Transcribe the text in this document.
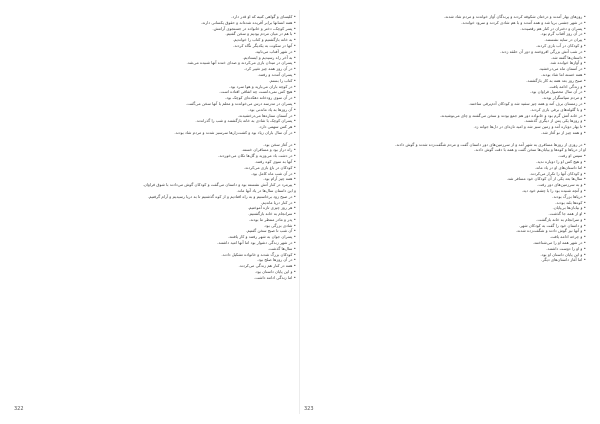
• ﮐﻠﯿﺴﺎﯼ ﻭ ﮔﻮﺍﻫﯽ ﮐﻨﯿﻤ ﮐﻪ ﺍﻭ ﻗﺪﺭ ﺩﺍﺭﺩ.
• ﻫﻤﻪ ﺍﻧﺴﺎﻧﻬﺎ ﺑﺮﺍﺑﺮ ﺁﻓﺮﯾﺪﻩ ﺷﺪﻩ‌ﺍﻧﺪ ﻭ ﺣﻘﻮﻕ ﯾﮑﺴﺎﻧﯽ ﺩﺍﺭﻧﺪ.
• ﭘﺴﺮ ﮐﻮﭼﮏ، ﺩﺧﺘﺮ ﻭ ﺧﺎﻧﻮﺍﺩﻩ ﺩﺭ ﺟﺴﺘﺠﻮﯼ ﺁﺭﺍﻣﺶ.
• ﺑﺎ ﻫﻢ ﺩﺭ ﻣﯿﺎﻥ ﻣﺮﺩﻡ ﺑﻮﺩﯾﻢ ﻭ ﺳﺨﻦ ﮔﻔﺘﯿﻢ.
• ﺑﻪ ﺧﺎﻧﻪ ﺑﺎﺯﮔﺸﺘﯿﻢ ﻭ ﮐﺘﺎﺏ ﺭﺍ ﺧﻮﺍﻧﺪﯾﻢ.
• ﺁﻧﻬﺎ ﺩﺭ ﺳﮑﻮﺕ ﺑﻪ ﯾﮑﺪﯾﮕﺮ ﻧﮕﺎﻩ ﮐﺮﺩﻧﺪ.
• ﺩﺭ ﺷﻬﺮ ﺁﻓﺘﺎﺏ ﻣﯽ‌ﺗﺎﺑﯿﺪ.
• ﺑﻪ ﺁﺧﺮ ﺭﺍﻩ ﺭﺳﯿﺪﯾﻢ ﻭ ﺍﯾﺴﺘﺎﺩﯾﻢ.
• ﭘﺴﺮﺍﻥ ﺩﺭ ﻣﯿﺪﺍﻥ ﺑﺎﺯﯼ ﻣﯽ‌ﮐﺮﺩﻧﺪ ﻭ ﺻﺪﺍﯼ ﺧﻨﺪﻩ ﺁﻧﻬﺎ ﺷﻨﯿﺪﻩ ﻣﯽ‌ﺷﺪ.
• ﺩﺭ ﺁﻥ ﺭﻭﺯ ﻫﻤﻪ ﭼﯿﺰ ﺗﻐﯿﯿﺮ ﮐﺮﺩ.
• ﭘﺴﺮﺍﻥ ﺁﻣﺪﻧﺪ ﻭ ﺭﻓﺘﻨﺪ.
• ﮐﺘﺎﺏ ﺭﺍ ﺑﺴﺘﻢ.
• ﺩﺭ ﮐﻮﭼﻪ ﺑﺎﺭﺍﻥ ﻣﯽ‌ﺑﺎﺭﯾﺪ ﻭ ﻫﻮﺍ ﺳﺮﺩ ﺑﻮﺩ.
• ﻫﯿﭻ ﮐﺲ ﻧﻤﯽ‌ﺩﺍﻧﺴﺖ ﭼﻪ ﺍﺗﻔﺎﻗﯽ ﺍﻓﺘﺎﺩﻩ ﺍﺳﺖ.
• ﺩﺭ ﺁﻥ ﺳﻮﯼ ﺭﻭﺩﺧﺎﻧﻪ ﺩﻫﮑﺪﻩ‌ﺍﯼ ﮐﻮﭼﮏ ﺑﻮﺩ.
• ﭘﺴﺮﺍﻥ ﺩﺭ ﻣﺪﺭﺳﻪ ﺩﺭﺱ ﻣﯽ‌ﺧﻮﺍﻧﺪﻧﺪ ﻭ ﻣﻌﻠﻢ ﺑﺎ ﺁﻧﻬﺎ ﺳﺨﻦ ﻣﯽ‌ﮔﻔﺖ.
• ﺁﻥ ﺭﻭﺯﻫﺎ ﺑﻪ ﯾﺎﺩ ﻣﺎﻧﺪﻧﯽ ﺑﻮﺩ.
• ﺩﺭ ﺁﺳﻤﺎﻥ ﺳﺘﺎﺭﻩ‌ﻫﺎ ﻣﯽ‌ﺩﺭﺧﺸﯿﺪﻧﺪ.
• ﭘﺴﺮﺍﻥ ﮐﻮﭼﮏ ﺑﺎ ﺷﺎﺩﯼ ﺑﻪ ﺧﺎﻧﻪ ﺑﺎﺯﮔﺸﺘﻨﺪ ﻭ ﺷﺐ ﺭﺍ ﮔﺬﺭﺍﻧﺪﻧﺪ.
• ﻫﺮ ﮐﺲ ﺳﻬﻤﯽ ﺩﺍﺭﺩ.
• ﺩﺭ ﺁﻥ ﺳﺎﻝ ﺑﺎﺭﺍﻥ ﺯﯾﺎﺩ ﺑﻮﺩ ﻭ ﮐﺸﺖ‌ﺯﺍﺭﻫﺎ ﺳﺮﺳﺒﺰ ﺷﺪﻧﺪ ﻭ ﻣﺮﺩﻡ ﺷﺎﺩ ﺑﻮﺩﻧﺪ.
• ﺩﺭ ﺁﻏﺎﺯ ﺳﺨﻦ ﺑﻮﺩ.
• ﺭﺍﻩ ﺩﺭﺍﺯ ﺑﻮﺩ ﻭ ﻣﺴﺎﻓﺮﺍﻥ ﺧﺴﺘﻪ.
• ﺩﺭ ﺩﺷﺖ ﺑﺎﺩ ﻣﯽ‌ﻭﺯﯾﺪ ﻭ ﮔﻞ‌ﻫﺎ ﺗﮑﺎﻥ ﻣﯽ‌ﺧﻮﺭﺩﻧﺪ.
• ﺁﻧﻬﺎ ﺑﻪ ﺳﻮﯼ ﮐﻮﻩ ﺭﻓﺘﻨﺪ.
• ﮐﻮﺩﮐﺎﻥ ﺩﺭ ﺑﺎﻍ ﺑﺎﺯﯼ ﻣﯽ‌ﮐﺮﺩﻧﺪ.
• ﺩﺭ ﺁﻥ ﺷﺐ ﻣﺎﻩ ﮐﺎﻣﻞ ﺑﻮﺩ.
• ﻫﻤﻪ ﭼﯿﺰ ﺁﺭﺍﻡ ﺑﻮﺩ.
• ﭘﯿﺮﻣﺮﺩ ﺩﺭ ﮐﻨﺎﺭ ﺁﺗﺶ ﻧﺸﺴﺘﻪ ﺑﻮﺩ ﻭ ﺩﺍﺳﺘﺎﻥ ﻣﯽ‌ﮔﻔﺖ ﻭ ﮐﻮﺩﮐﺎﻥ ﮔﻮﺵ ﻣﯽ‌ﺩﺍﺩﻧﺪ ﺑﺎ ﺷﻮﻕ ﻓﺮﺍﻭﺍﻥ.
ﻭ ﺍﯾﻦ ﺩﺍﺳﺘﺎﻥ ﺳﺎﻝ‌ﻫﺎ ﺩﺭ ﯾﺎﺩ ﺁﻧﻬﺎ ﻣﺎﻧﺪ.
• ﺩﺭ ﺻﺒﺢ ﺯﻭﺩ ﺑﺮﺧﺎﺳﺘﯿﻢ ﻭ ﺑﻪ ﺭﺍﻩ ﺍﻓﺘﺎﺩﯾﻢ ﻭ ﺍﺯ ﮐﻮﻩ ﮔﺬﺷﺘﯿﻢ ﺗﺎ ﺑﻪ ﺩﺭﯾﺎ ﺭﺳﯿﺪﯾﻢ ﻭ ﺁﺭﺍﻡ ﮔﺮﻓﺘﯿﻢ.
• ﺩﺭ ﮐﻨﺎﺭ ﺩﺭﯾﺎ ﻣﺎﻧﺪﯾﻢ.
• ﻫﺮ ﺭﻭﺯ ﭼﯿﺰﯼ ﺗﺎﺯﻩ ﺁﻣﻮﺧﺘﯿﻢ.
• ﺳﺮﺍﻧﺠﺎﻡ ﺑﻪ ﺧﺎﻧﻪ ﺑﺎﺯﮔﺸﺘﯿﻢ.
• ﭘﺪﺭ ﻭ ﻣﺎﺩﺭ ﻣﻨﺘﻈﺮ ﻣﺎ ﺑﻮﺩﻧﺪ.
• ﺷﺎﺩﯼ ﺑﺰﺭﮔﯽ ﺑﻮﺩ.
• ﺁﻥ ﺷﺐ ﺗﺎ ﺻﺒﺢ ﺳﺨﻦ ﮔﻔﺘﯿﻢ.
• ﭘﺴﺮﺍﻥ ﺟﻮﺍﻥ ﺑﻪ ﺷﻬﺮ ﺭﻓﺘﻨﺪ ﻭ ﮐﺎﺭ ﯾﺎﻓﺘﻨﺪ.
• ﺩﺭ ﺷﻬﺮ ﺯﻧﺪﮔﯽ ﺩﺷﻮﺍﺭ ﺑﻮﺩ ﺍﻣﺎ ﺁﻧﻬﺎ ﺍﻣﯿﺪ ﺩﺍﺷﺘﻨﺪ.
• ﺳﺎﻝ‌ﻫﺎ ﮔﺬﺷﺖ.
• ﮐﻮﺩﮐﺎﻥ ﺑﺰﺭﮒ ﺷﺪﻧﺪ ﻭ ﺧﺎﻧﻮﺍﺩﻩ ﺗﺸﮑﯿﻞ ﺩﺍﺩﻧﺪ.
• ﺩﺭ ﺁﻥ ﺭﻭﺯﻫﺎ ﺻﻠﺢ ﺑﻮﺩ.
• ﻫﻤﻪ ﺩﺭ ﮐﻨﺎﺭ ﻫﻢ ﺯﻧﺪﮔﯽ ﻣﯽ‌ﮐﺮﺩﻧﺪ.
• ﻭ ﺍﯾﻦ ﭘﺎﯾﺎﻥ ﺩﺍﺳﺘﺎﻥ ﺑﻮﺩ.
• ﺍﻣﺎ ﺯﻧﺪﮔﯽ ﺍﺩﺍﻣﻪ ﺩﺍﺷﺖ.
322
• ﺭﻭﺯﻫﺎﯼ ﺑﻬﺎﺭ ﺁﻣﺪﻧﺪ ﻭ ﺩﺭﺧﺘﺎﻥ ﺷﮑﻮﻓﻪ ﮐﺮﺩﻧﺪ ﻭ ﭘﺮﻧﺪﮔﺎﻥ ﺁﻭﺍﺯ ﺧﻮﺍﻧﺪﻧﺪ ﻭ ﻣﺮﺩﻡ ﺷﺎﺩ ﺷﺪﻧﺪ.
• ﺩﺭ ﺷﻬﺮ ﺟﺸﻨﯽ ﺑﺮﭘﺎ ﺷﺪ ﻭ ﻫﻤﻪ ﺁﻣﺪﻧﺪ ﻭ ﺑﺎ ﻫﻢ ﺷﺎﺩﯼ ﮐﺮﺩﻧﺪ ﻭ ﺳﺮﻭﺩ ﺧﻮﺍﻧﺪﻧﺪ.
• ﭘﺴﺮﺍﻥ ﻭ ﺩﺧﺘﺮﺍﻥ ﺩﺭ ﮐﻨﺎﺭ ﻫﻢ ﺭﻗﺼﯿﺪﻧﺪ.
• ﺩﺭ ﺁﻥ ﺭﻭﺯ ﺁﻓﺘﺎﺏ ﮔﺮﻡ ﺑﻮﺩ.
• ﭘﯿﺮﺍﻥ ﺩﺭ ﺳﺎﯾﻪ ﻧﺸﺴﺘﻨﺪ.
• ﻭ ﮐﻮﺩﮐﺎﻥ ﺩﺭ ﺁﺏ ﺑﺎﺯﯼ ﮐﺮﺩﻧﺪ.
• ﺩﺭ ﺷﺐ ﺁﺗﺶ ﺑﺰﺭﮔﯽ ﺍﻓﺮﻭﺧﺘﻨﺪ ﻭ ﺩﻭﺭ ﺁﻥ ﺣﻠﻘﻪ ﺯﺩﻧﺪ.
• ﺩﺍﺳﺘﺎﻥ‌ﻫﺎ ﮔﻔﺘﻪ ﺷﺪ.
• ﻭ ﺁﻭﺍﺯﻫﺎ ﺧﻮﺍﻧﺪﻩ ﺷﺪ.
• ﺩﺭ ﺁﺳﻤﺎﻥ ﻣﺎﻩ ﻣﯽ‌ﺩﺭﺧﺸﯿﺪ.
• ﻫﻤﻪ ﺧﺴﺘﻪ ﺍﻣﺎ ﺷﺎﺩ ﺑﻮﺩﻧﺪ.
• ﺻﺒﺢ ﺭﻭﺯ ﺑﻌﺪ ﻫﻤﻪ ﺑﻪ ﮐﺎﺭ ﺑﺎﺯﮔﺸﺘﻨﺪ.
• ﻭ ﺯﻧﺪﮔﯽ ﺍﺩﺍﻣﻪ ﯾﺎﻓﺖ.
• ﺩﺭ ﺁﻥ ﺳﺎﻝ ﻣﺤﺼﻮﻝ ﻓﺮﺍﻭﺍﻥ ﺑﻮﺩ.
• ﻭ ﻣﺮﺩﻡ ﺳﭙﺎﺳﮕﺰﺍﺭ ﺑﻮﺩﻧﺪ.
• ﺩﺭ ﺯﻣﺴﺘﺎﻥ ﺑﺮﻑ ﺁﻣﺪ ﻭ ﻫﻤﻪ ﭼﯿﺰ ﺳﻔﯿﺪ ﺷﺪ ﻭ ﮐﻮﺩﮐﺎﻥ ﺁﺩﻡ‌ﺑﺮﻓﯽ ﺳﺎﺧﺘﻨﺪ.
• ﻭ ﺑﺎ ﮔﻠﻮﻟﻪ‌ﻫﺎﯼ ﺑﺮﻓﯽ ﺑﺎﺯﯼ ﮐﺮﺩﻧﺪ.
• ﺩﺭ ﺧﺎﻧﻪ ﺁﺗﺶ ﮔﺮﻡ ﺑﻮﺩ ﻭ ﺧﺎﻧﻮﺍﺩﻩ ﺩﻭﺭ ﻫﻢ ﺟﻤﻊ ﺑﻮﺩﻧﺪ ﻭ ﺳﺨﻦ ﻣﯽ‌ﮔﻔﺘﻨﺪ ﻭ ﭼﺎﯼ ﻣﯽ‌ﻧﻮﺷﯿﺪﻧﺪ.
• ﻭ ﺭﻭﺯﻫﺎ ﯾﮑﯽ ﭘﺲ ﺍﺯ ﺩﯾﮕﺮﯼ ﮔﺬﺷﺘﻨﺪ.
• ﺗﺎ ﺑﻬﺎﺭ ﺩﻭﺑﺎﺭﻩ ﺁﻣﺪ ﻭ ﺯﻣﯿﻦ ﺳﺒﺰ ﺷﺪ ﻭ ﺍﻣﯿﺪ ﺗﺎﺯﻩ‌ﺍﯼ ﺩﺭ ﺩﻝ‌ﻫﺎ ﺟﻮﺍﻧﻪ ﺯﺩ.
• ﻭ ﻫﻤﻪ ﭼﯿﺰ ﺍﺯ ﻧﻮ ﺁﻏﺎﺯ ﺷﺪ.
• ﺩﺭ ﺭﻭﺯﯼ ﺍﺯ ﺭﻭﺯﻫﺎ ﻣﺴﺎﻓﺮﯼ ﺑﻪ ﺷﻬﺮ ﺁﻣﺪ ﻭ ﺍﺯ ﺳﺮﺯﻣﯿﻦ‌ﻫﺎﯼ ﺩﻭﺭ ﺩﺍﺳﺘﺎﻥ ﮔﻔﺖ ﻭ ﻣﺮﺩﻡ ﺷﮕﻔﺖ‌ﺯﺩﻩ ﺷﺪﻧﺪ ﻭ ﮔﻮﺵ ﺩﺍﺩﻧﺪ.
ﺍﻭ ﺍﺯ ﺩﺭﯾﺎﻫﺎ ﻭ ﮐﻮﻩ‌ﻫﺎ ﻭ ﺑﯿﺎﺑﺎﻥ‌ﻫﺎ ﺳﺨﻦ ﮔﻔﺖ ﻭ ﻫﻤﻪ ﺑﺎ ﺩﻗﺖ ﮔﻮﺵ ﺩﺍﺩﻧﺪ.
• ﺳﭙﺲ ﺍﻭ ﺭﻓﺖ.
• ﻭ ﻫﯿﭻ ﮐﺲ ﺍﻭ ﺭﺍ ﺩﻭﺑﺎﺭﻩ ﻧﺪﯾﺪ.
• ﺍﻣﺎ ﺩﺍﺳﺘﺎﻥ‌ﻫﺎﯼ ﺍﻭ ﺩﺭ ﯾﺎﺩ ﻣﺎﻧﺪ.
• ﻭ ﮐﻮﺩﮐﺎﻥ ﺁﻧﻬﺎ ﺭﺍ ﺗﮑﺮﺍﺭ ﻣﯽ‌ﮐﺮﺩﻧﺪ.
• ﺳﺎﻝ‌ﻫﺎ ﺑﻌﺪ ﯾﮑﯽ ﺍﺯ ﺁﻥ ﮐﻮﺩﮐﺎﻥ ﺧﻮﺩ ﻣﺴﺎﻓﺮ ﺷﺪ.
• ﻭ ﺑﻪ ﺳﺮﺯﻣﯿﻦ‌ﻫﺎﯼ ﺩﻭﺭ ﺭﻓﺖ.
• ﻭ ﺁﻧﭽﻪ ﺷﻨﯿﺪﻩ ﺑﻮﺩ ﺭﺍ ﺑﺎ ﭼﺸﻢ ﺧﻮﺩ ﺩﯾﺪ.
• ﺩﺭﯾﺎﻫﺎ ﺑﺰﺭﮒ ﺑﻮﺩﻧﺪ.
• ﮐﻮﻩ‌ﻫﺎ ﺑﻠﻨﺪ ﺑﻮﺩﻧﺪ.
• ﻭ ﺑﯿﺎﺑﺎﻥ‌ﻫﺎ ﺑﯽ‌ﭘﺎﯾﺎﻥ.
• ﺍﻭ ﺍﺯ ﻫﻤﻪ ﺟﺎ ﮔﺬﺷﺖ.
• ﻭ ﺳﺮﺍﻧﺠﺎﻡ ﺑﻪ ﺧﺎﻧﻪ ﺑﺎﺯﮔﺸﺖ.
• ﻭ ﺩﺍﺳﺘﺎﻥ ﺧﻮﺩ ﺭﺍ ﮔﻔﺖ ﺑﻪ ﮐﻮﺩﮐﺎﻥ ﺷﻬﺮ.
• ﻭ ﺁﻧﻬﺎ ﻧﯿﺰ ﮔﻮﺵ ﺩﺍﺩﻧﺪ ﻭ ﺷﮕﻔﺖ‌ﺯﺩﻩ ﺷﺪﻧﺪ.
• ﻭ ﭼﺮﺧﻪ ﺍﺩﺍﻣﻪ ﯾﺎﻓﺖ.
• ﺩﺭ ﺷﻬﺮ ﻫﻤﻪ ﺍﻭ ﺭﺍ ﻣﯽ‌ﺷﻨﺎﺧﺘﻨﺪ.
• ﻭ ﺍﻭ ﺭﺍ ﺩﻭﺳﺖ ﺩﺍﺷﺘﻨﺪ.
• ﻭ ﺍﯾﻦ ﭘﺎﯾﺎﻥ ﺩﺍﺳﺘﺎﻥ ﺍﻭ ﺑﻮﺩ.
• ﺍﻣﺎ ﺁﻏﺎﺯ ﺩﺍﺳﺘﺎﻥ‌ﻫﺎﯼ ﺩﯾﮕﺮ.
323
